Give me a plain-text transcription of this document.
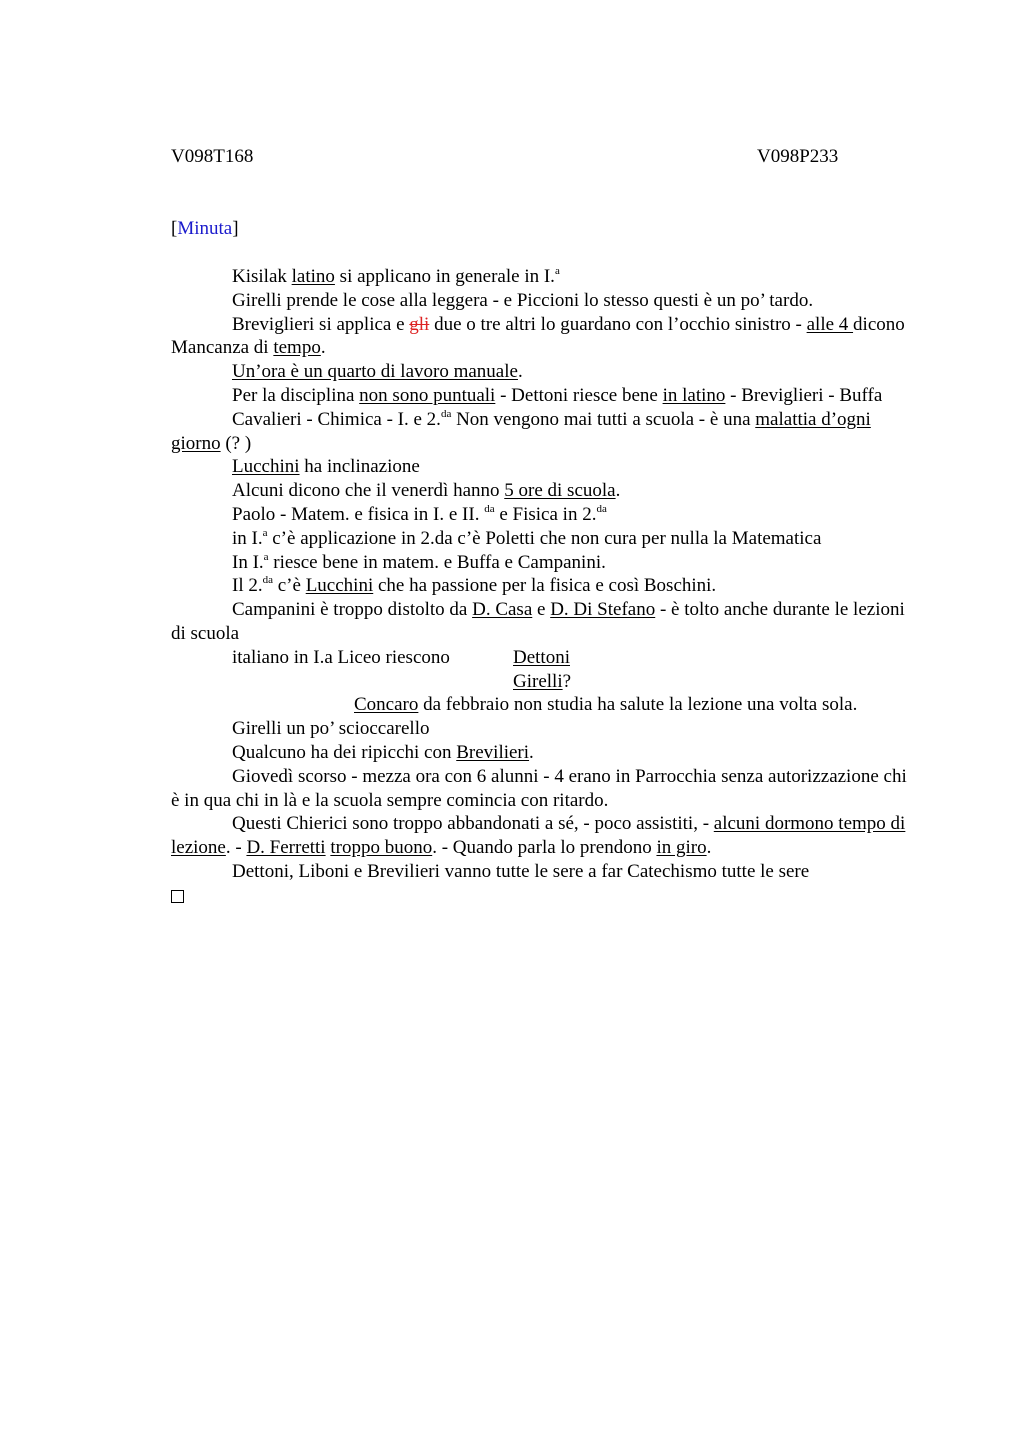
V098T168	V098P233
[Minuta]

Kisilak latino si applicano in generale in I.$^a$

Girelli prende le cose alla leggera - e Piccioni lo stesso questi è un po’ tardo.

Breviglieri si applica e gli due o tre altri lo guardano con l’occhio sinistro - alle 4 dicono Mancanza di tempo.

Un’ora è un quarto di lavoro manuale.

Per la disciplina non sono puntuali - Dettoni riesce bene in latino - Breviglieri - Buffa

Cavalieri - Chimica - I. e 2.$^{da}$ Non vengono mai tutti a scuola - è una malattia d’ogni giorno (? )

Lucchini ha inclinazione

Alcuni dicono che il venerdì hanno 5 ore di scuola.

Paolo - Matem. e fisica in I. e II. $^{da}$ e Fisica in 2.$^{da}$

in I.$^a$ c’è applicazione in 2.da c’è Poletti che non cura per nulla la Matematica

In I.$^a$ riesce bene in matem. e Buffa e Campanini.

Il 2.$^{da}$ c’è Lucchini che ha passione per la fisica e così Boschini.

Campanini è troppo distolto da D. Casa e D. Di Stefano - è tolto anche durante le lezioni di scuola

italiano in I.a Liceo riescono	Dettoni
Girelli?

Concaro da febbraio non studia ha salute la lezione una volta sola.

Girelli un po’ scioccarello

Qualcuno ha dei ripicchi con Brevilieri.

Giovedì scorso - mezza ora con 6 alunni - 4 erano in Parrocchia senza autorizzazione chi è in qua chi in là e la scuola sempre comincia con ritardo.

Questi Chierici sono troppo abbandonati a sé, - poco assistiti, - alcuni dormono tempo di lezione. - D. Ferretti troppo buono. - Quando parla lo prendono in giro.

Dettoni, Liboni e Brevilieri vanno tutte le sere a far Catechismo tutte le sere
